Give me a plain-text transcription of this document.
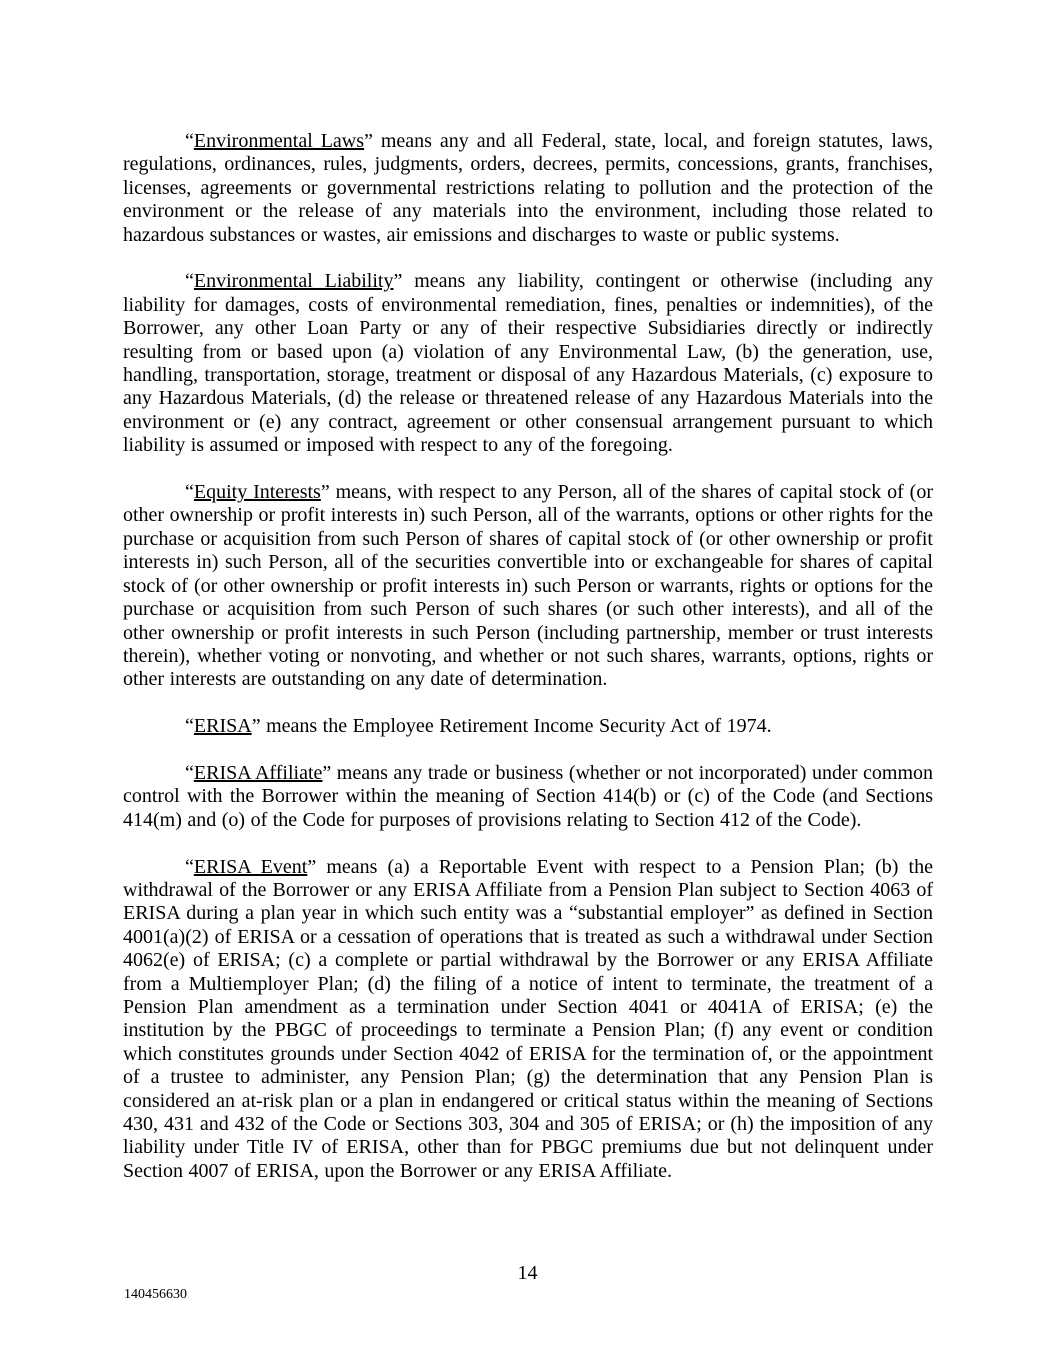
“Environmental Laws” means any and all Federal, state, local, and foreign statutes, laws, regulations, ordinances, rules, judgments, orders, decrees, permits, concessions, grants, franchises, licenses, agreements or governmental restrictions relating to pollution and the protection of the environment or the release of any materials into the environment, including those related to hazardous substances or wastes, air emissions and discharges to waste or public systems.

“Environmental Liability” means any liability, contingent or otherwise (including any liability for damages, costs of environmental remediation, fines, penalties or indemnities), of the Borrower, any other Loan Party or any of their respective Subsidiaries directly or indirectly resulting from or based upon (a) violation of any Environmental Law, (b) the generation, use, handling, transportation, storage, treatment or disposal of any Hazardous Materials, (c) exposure to any Hazardous Materials, (d) the release or threatened release of any Hazardous Materials into the environment or (e) any contract, agreement or other consensual arrangement pursuant to which liability is assumed or imposed with respect to any of the foregoing.

“Equity Interests” means, with respect to any Person, all of the shares of capital stock of (or other ownership or profit interests in) such Person, all of the warrants, options or other rights for the purchase or acquisition from such Person of shares of capital stock of (or other ownership or profit interests in) such Person, all of the securities convertible into or exchangeable for shares of capital stock of (or other ownership or profit interests in) such Person or warrants, rights or options for the purchase or acquisition from such Person of such shares (or such other interests), and all of the other ownership or profit interests in such Person (including partnership, member or trust interests therein), whether voting or nonvoting, and whether or not such shares, warrants, options, rights or other interests are outstanding on any date of determination.

“ERISA” means the Employee Retirement Income Security Act of 1974.

“ERISA Affiliate” means any trade or business (whether or not incorporated) under common control with the Borrower within the meaning of Section 414(b) or (c) of the Code (and Sections 414(m) and (o) of the Code for purposes of provisions relating to Section 412 of the Code).

“ERISA Event” means (a) a Reportable Event with respect to a Pension Plan; (b) the withdrawal of the Borrower or any ERISA Affiliate from a Pension Plan subject to Section 4063 of ERISA during a plan year in which such entity was a “substantial employer” as defined in Section 4001(a)(2) of ERISA or a cessation of operations that is treated as such a withdrawal under Section 4062(e) of ERISA; (c) a complete or partial withdrawal by the Borrower or any ERISA Affiliate from a Multiemployer Plan; (d) the filing of a notice of intent to terminate, the treatment of a Pension Plan amendment as a termination under Section 4041 or 4041A of ERISA; (e) the institution by the PBGC of proceedings to terminate a Pension Plan; (f) any event or condition which constitutes grounds under Section 4042 of ERISA for the termination of, or the appointment of a trustee to administer, any Pension Plan; (g) the determination that any Pension Plan is considered an at-risk plan or a plan in endangered or critical status within the meaning of Sections 430, 431 and 432 of the Code or Sections 303, 304 and 305 of ERISA; or (h) the imposition of any liability under Title IV of ERISA, other than for PBGC premiums due but not delinquent under Section 4007 of ERISA, upon the Borrower or any ERISA Affiliate.

14
140456630
